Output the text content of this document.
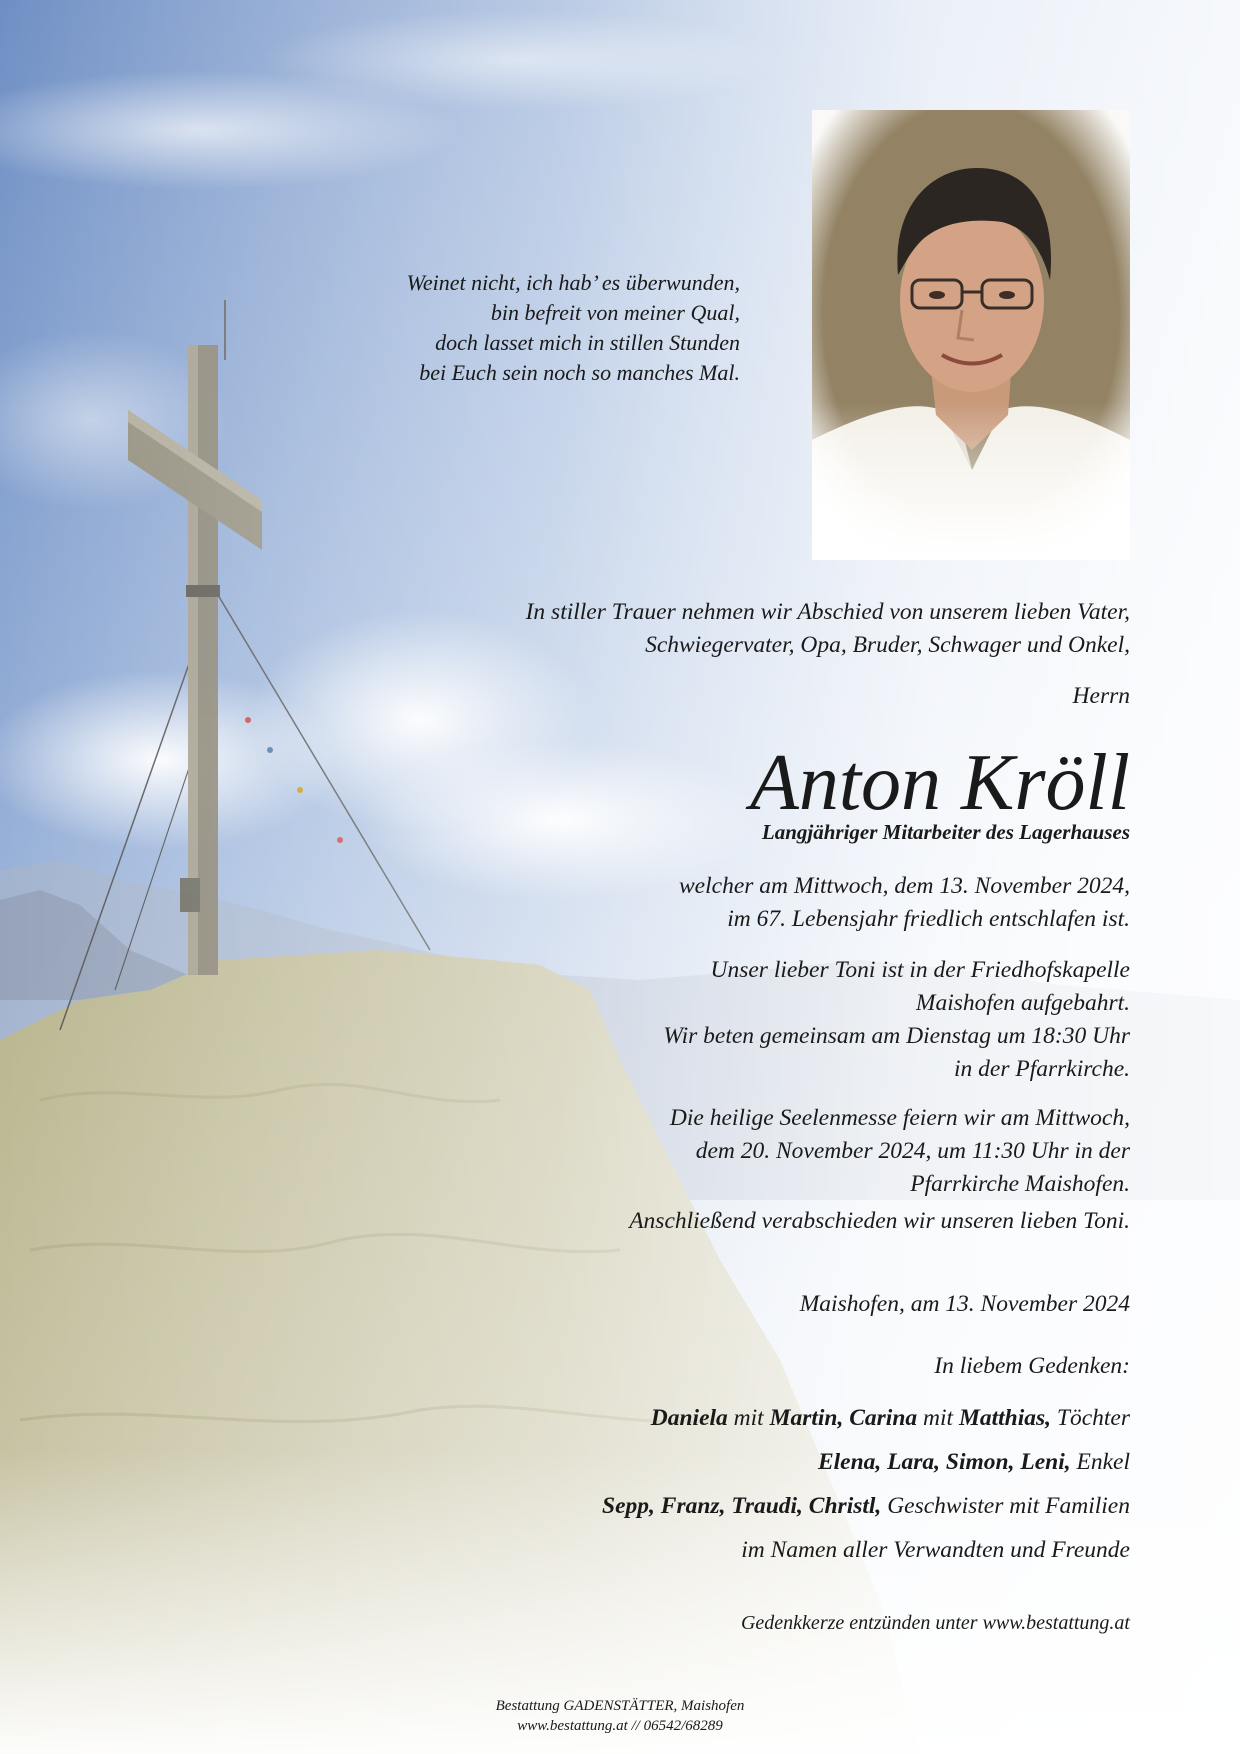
Weinet nicht, ich hab’ es überwunden,
bin befreit von meiner Qual,
doch lasset mich in stillen Stunden
bei Euch sein noch so manches Mal.
In stiller Trauer nehmen wir Abschied von unserem lieben Vater,
Schwiegervater, Opa, Bruder, Schwager und Onkel,
Herrn
Anton Kröll
Langjähriger Mitarbeiter des Lagerhauses
welcher am Mittwoch, dem 13. November 2024,
im 67. Lebensjahr friedlich entschlafen ist.
Unser lieber Toni ist in der Friedhofskapelle
Maishofen aufgebahrt.
Wir beten gemeinsam am Dienstag um 18:30 Uhr
in der Pfarrkirche.
Die heilige Seelenmesse feiern wir am Mittwoch,
dem 20. November 2024, um 11:30 Uhr in der
Pfarrkirche Maishofen.
Anschließend verabschieden wir unseren lieben Toni.
Maishofen, am 13. November 2024
In liebem Gedenken:
Daniela mit Martin, Carina mit Matthias, Töchter
Elena, Lara, Simon, Leni, Enkel
Sepp, Franz, Traudi, Christl, Geschwister mit Familien
im Namen aller Verwandten und Freunde
Gedenkkerze entzünden unter www.bestattung.at
Bestattung GADENSTÄTTER, Maishofen
www.bestattung.at // 06542/68289
